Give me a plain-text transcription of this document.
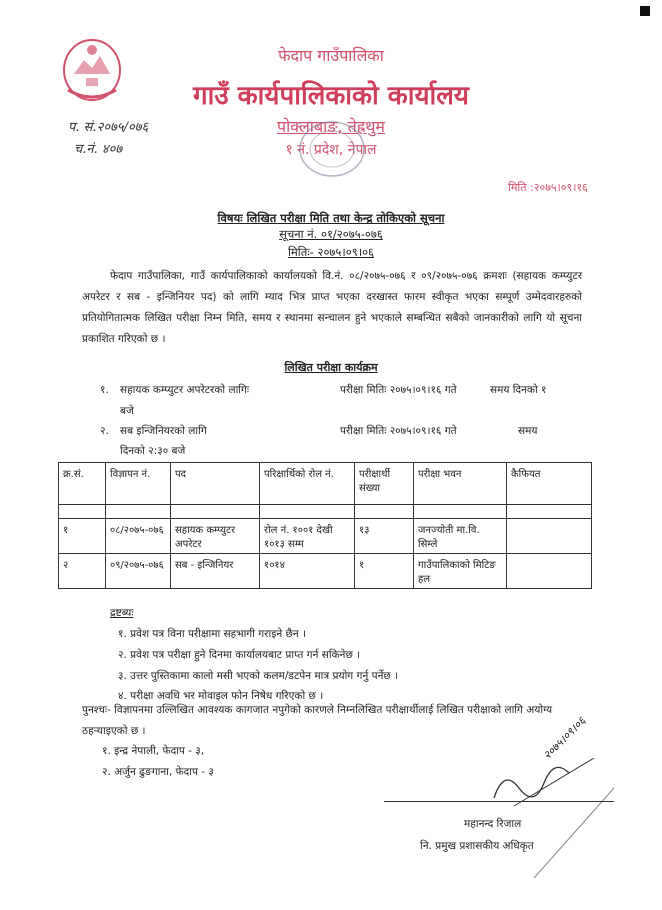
फेदाप गाउँपालिका
गाउँ कार्यपालिकाको कार्यालय
पोक्लाबाङ, तेह्रथुम
१ नं. प्रदेश, नेपाल
प. सं.२०७५/०७६
च.नं. ४०७
मिति :२०७५।०९।१६
विषयः लिखित परीक्षा मिति तथा केन्द्र तोकिएको सूचना
सूचना नं. ०१/२०७५-०७६
मितिः- २०७५।०९।०६
फेदाप गाउँपालिका, गाउँ कार्यपालिकाको कार्यालयको वि.नं. ०८/२०७५-०७६ र ०९/२०७५-०७६ क्रमशः (सहायक कम्प्युटर अपरेटर र सब - इन्जिनियर पद) को लागि म्याद भित्र प्राप्त भएका दरखास्त फारम स्वीकृत भएका सम्पूर्ण उम्मेदवारहरुको प्रतियोगितात्मक लिखित परीक्षा निम्न मिति, समय र स्थानमा सन्चालन हुने भएकाले सम्बन्धित सबैको जानकारीको लागि यो सूचना प्रकाशित गरिएको छ ।
लिखित परीक्षा कार्यक्रम
१. सहायक कम्प्युटर अपरेटरको लागिः	परीक्षा मितिः २०७५।०९।१६ गते	समय दिनको १
बजे
२. सब इन्जिनियरको लागि	परीक्षा मितिः २०७५।०९।१६ गते	समय
दिनको २:३० बजे
क्र.सं.	विज्ञापन नं.	पद	परिक्षार्थिको रोल नं.	परीक्षार्थी संख्या	परीक्षा भवन	कैफियत

१	०८/२०७५-०७६	सहायक कम्प्युटर अपरेटर	रोल नं. १००१ देखी १०१३ सम्म	१३	जनज्योती मा.वि. सिम्ले	
२	०९/२०७५-०७६	सब - इन्जिनियर	१०१४	१	गाउँपालिकाको मिटिङ हल	
द्रष्टब्यः
१. प्रवेश पत्र विना परीक्षामा सहभागी गराइने छैन ।
२. प्रवेश पत्र परीक्षा हुने दिनमा कार्यालयबाट प्राप्त गर्न सकिनेछ ।
३. उत्तर पुस्तिकामा कालो मसी भएको कलम/डटपेन मात्र प्रयोग गर्नु पर्नेछ ।
४. परीक्षा अवधि भर मोवाइल फोन निषेध गरिएको छ ।
पुनश्चः- विज्ञापनमा उल्लिखित आवश्यक कागजात नपुगेको कारणले निम्नलिखित परीक्षार्थीलाई लिखित परीक्षाको लागि अयोग्य ठहऱ्याइएको छ ।
१. इन्द्र नेपाली, फेदाप - ३,
२. अर्जुन ढुङगाना, फेदाप - ३
२०७५।०९।०६
महानन्द रिजाल
नि. प्रमुख प्रशासकीय अधिकृत
